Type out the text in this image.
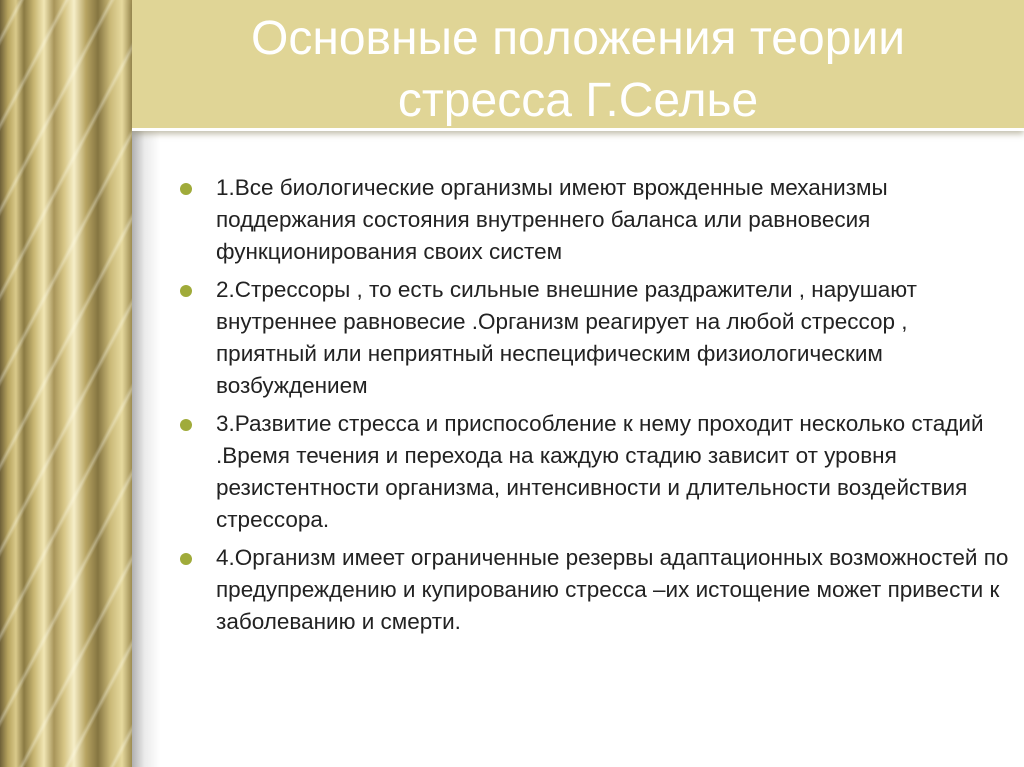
Основные положения теории
стресса Г.Селье
1.Все биологические организмы имеют врожденные механизмы поддержания состояния внутреннего баланса или равновесия функционирования своих систем
2.Стрессоры , то есть сильные внешние раздражители , нарушают внутреннее равновесие .Организм реагирует на любой стрессор , приятный или неприятный неспецифическим физиологическим возбуждением
3.Развитие стресса и приспособление к нему проходит несколько стадий .Время течения и перехода на каждую стадию зависит от уровня резистентности организма, интенсивности и длительности воздействия стрессора.
4.Организм имеет ограниченные резервы адаптационных возможностей по предупреждению и купированию стресса –их истощение может привести к заболеванию и смерти.
